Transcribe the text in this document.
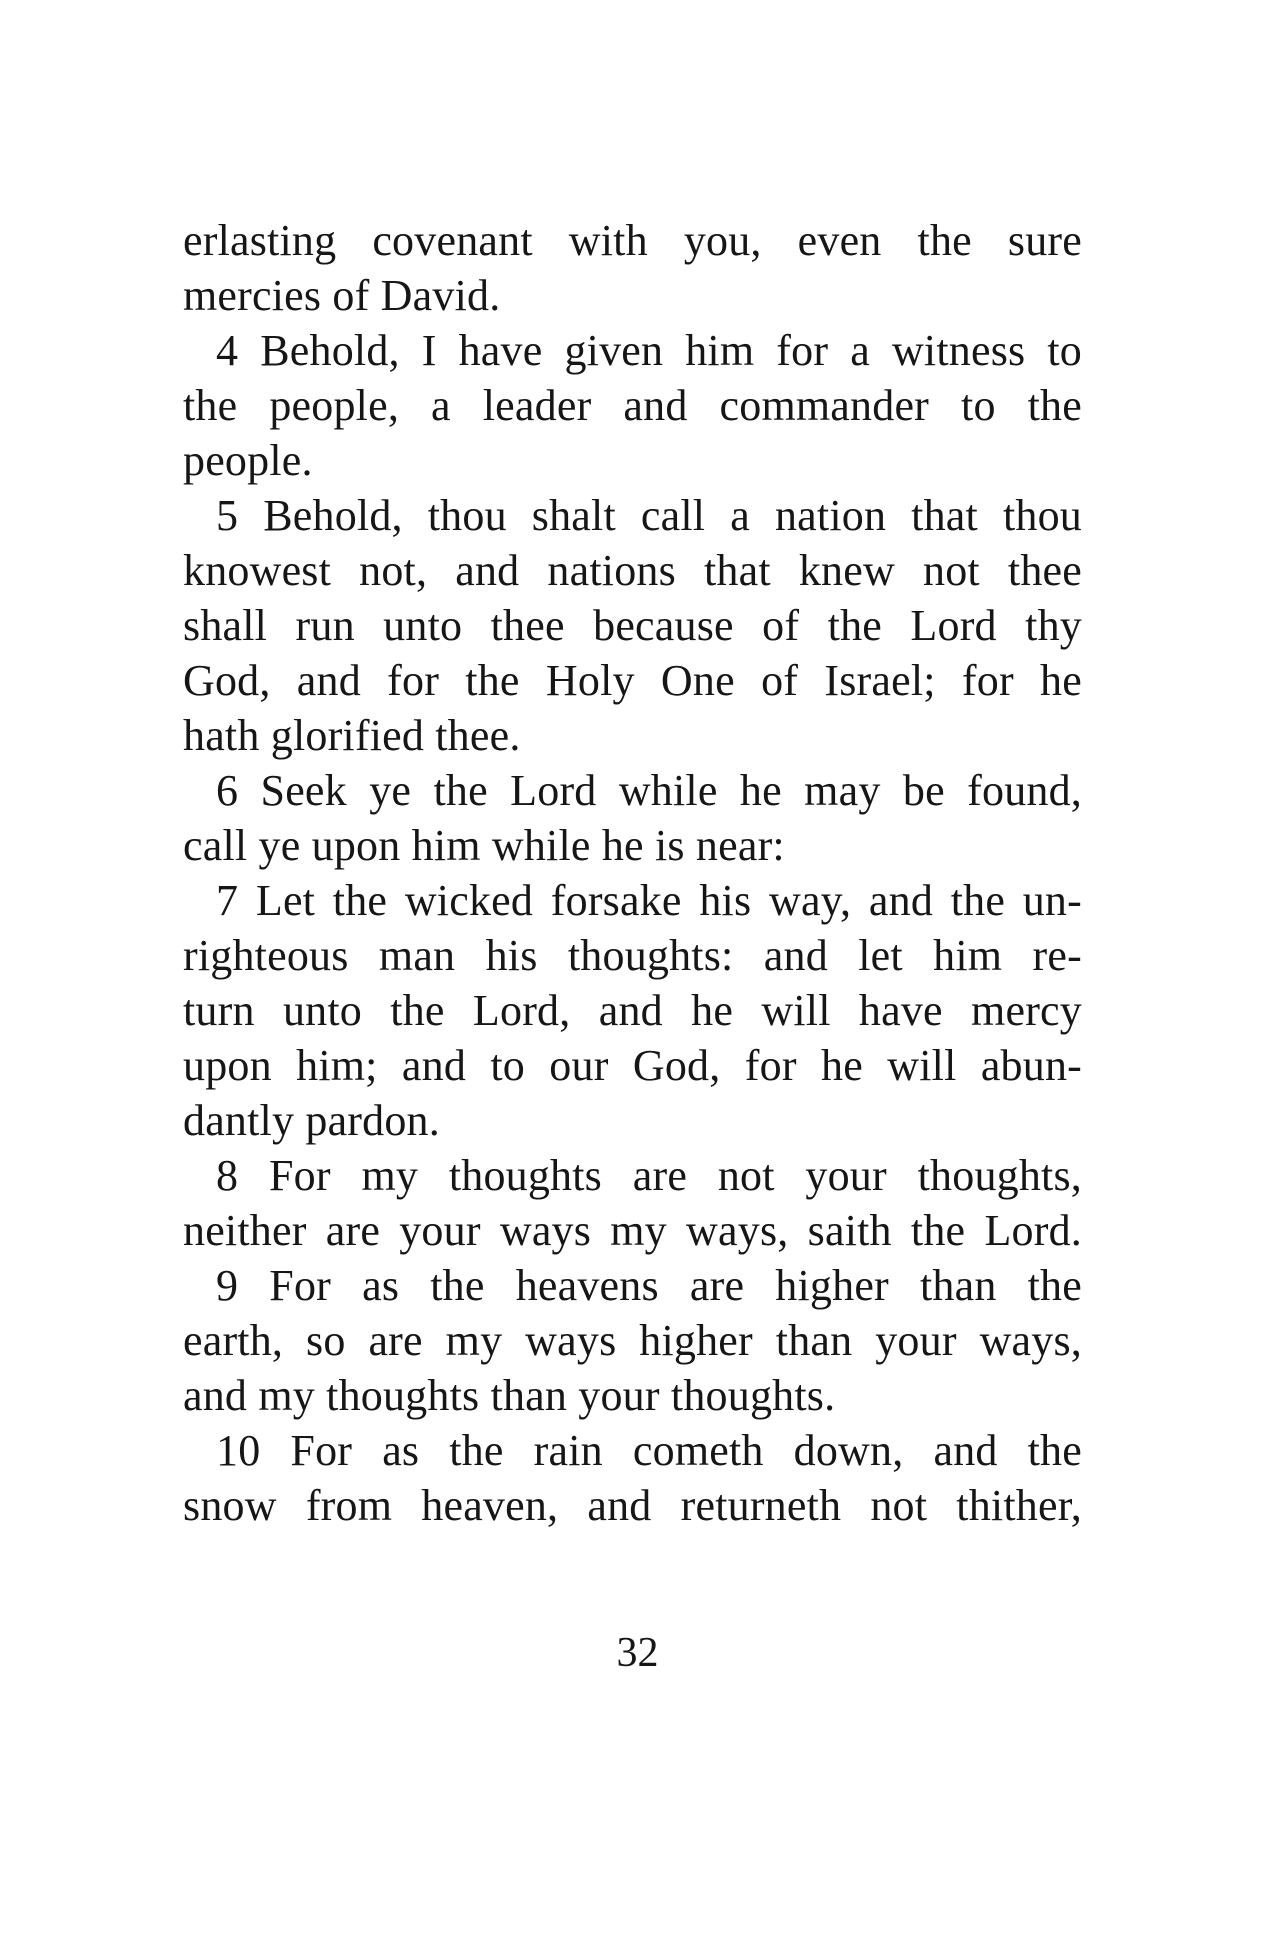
erlasting covenant with you, even the sure
mercies of David.
4 Behold, I have given him for a witness to
the people, a leader and commander to the
people.
5 Behold, thou shalt call a nation that thou
knowest not, and nations that knew not thee
shall run unto thee because of the Lord thy
God, and for the Holy One of Israel; for he
hath glorified thee.
6 Seek ye the Lord while he may be found,
call ye upon him while he is near:
7 Let the wicked forsake his way, and the un-
righteous man his thoughts: and let him re-
turn unto the Lord, and he will have mercy
upon him; and to our God, for he will abun-
dantly pardon.
8 For my thoughts are not your thoughts,
neither are your ways my ways, saith the Lord.
9 For as the heavens are higher than the
earth, so are my ways higher than your ways,
and my thoughts than your thoughts.
10 For as the rain cometh down, and the
snow from heaven, and returneth not thither,
32
